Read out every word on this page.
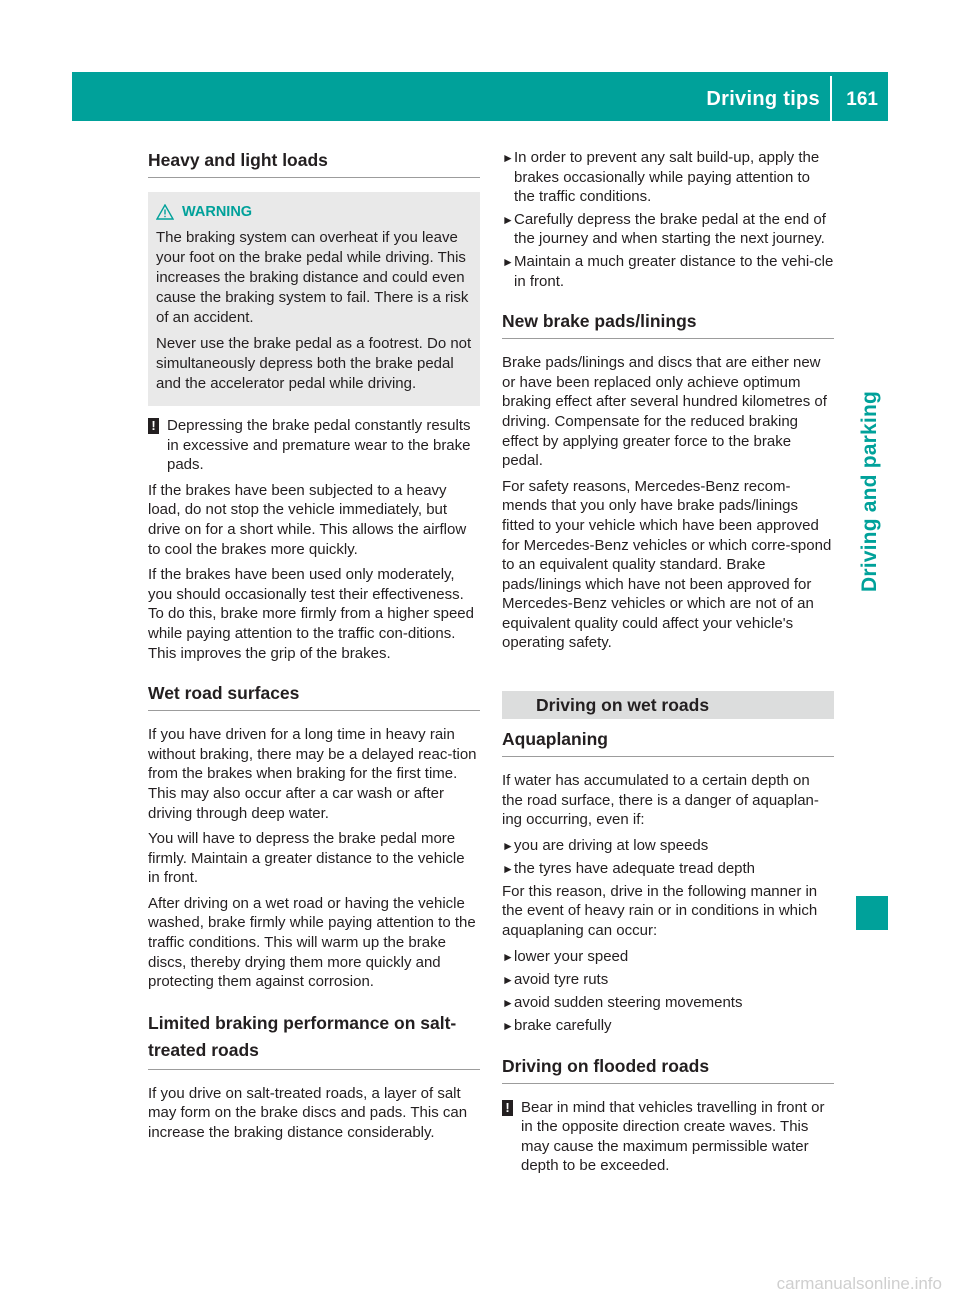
Driving tips 161
Driving and parking
Heavy and light loads
WARNING

The braking system can overheat if you leave your foot on the brake pedal while driving. This increases the braking distance and could even cause the braking system to fail. There is a risk of an accident.

Never use the brake pedal as a footrest. Do not simultaneously depress both the brake pedal and the accelerator pedal while driving.

! Depressing the brake pedal constantly results in excessive and premature wear to the brake pads.

If the brakes have been subjected to a heavy load, do not stop the vehicle immediately, but drive on for a short while. This allows the airflow to cool the brakes more quickly.

If the brakes have been used only moderately, you should occasionally test their effectiveness. To do this, brake more firmly from a higher speed while paying attention to the traffic con-ditions. This improves the grip of the brakes.

Wet road surfaces

If you have driven for a long time in heavy rain without braking, there may be a delayed reac-tion from the brakes when braking for the first time. This may also occur after a car wash or after driving through deep water.

You will have to depress the brake pedal more firmly. Maintain a greater distance to the vehicle in front.

After driving on a wet road or having the vehicle washed, brake firmly while paying attention to the traffic conditions. This will warm up the brake discs, thereby drying them more quickly and protecting them against corrosion.

Limited braking performance on salt-treated roads

If you drive on salt-treated roads, a layer of salt may form on the brake discs and pads. This can increase the braking distance considerably.

► In order to prevent any salt build-up, apply the brakes occasionally while paying attention to the traffic conditions.
► Carefully depress the brake pedal at the end of the journey and when starting the next journey.
► Maintain a much greater distance to the vehi-cle in front.
New brake pads/linings

Brake pads/linings and discs that are either new or have been replaced only achieve optimum braking effect after several hundred kilometres of driving. Compensate for the reduced braking effect by applying greater force to the brake pedal.

For safety reasons, Mercedes-Benz recom-mends that you only have brake pads/linings fitted to your vehicle which have been approved for Mercedes-Benz vehicles or which corre-spond to an equivalent quality standard. Brake pads/linings which have not been approved for Mercedes-Benz vehicles or which are not of an equivalent quality could affect your vehicle's operating safety.

Driving on wet roads
Aquaplaning

If water has accumulated to a certain depth on the road surface, there is a danger of aquaplan-ing occurring, even if:

► you are driving at low speeds
► the tyres have adequate tread depth

For this reason, drive in the following manner in the event of heavy rain or in conditions in which aquaplaning can occur:

► lower your speed
► avoid tyre ruts
► avoid sudden steering movements
► brake carefully
Driving on flooded roads
! Bear in mind that vehicles travelling in front or in the opposite direction create waves. This may cause the maximum permissible water depth to be exceeded.
carmanualsonline.info
